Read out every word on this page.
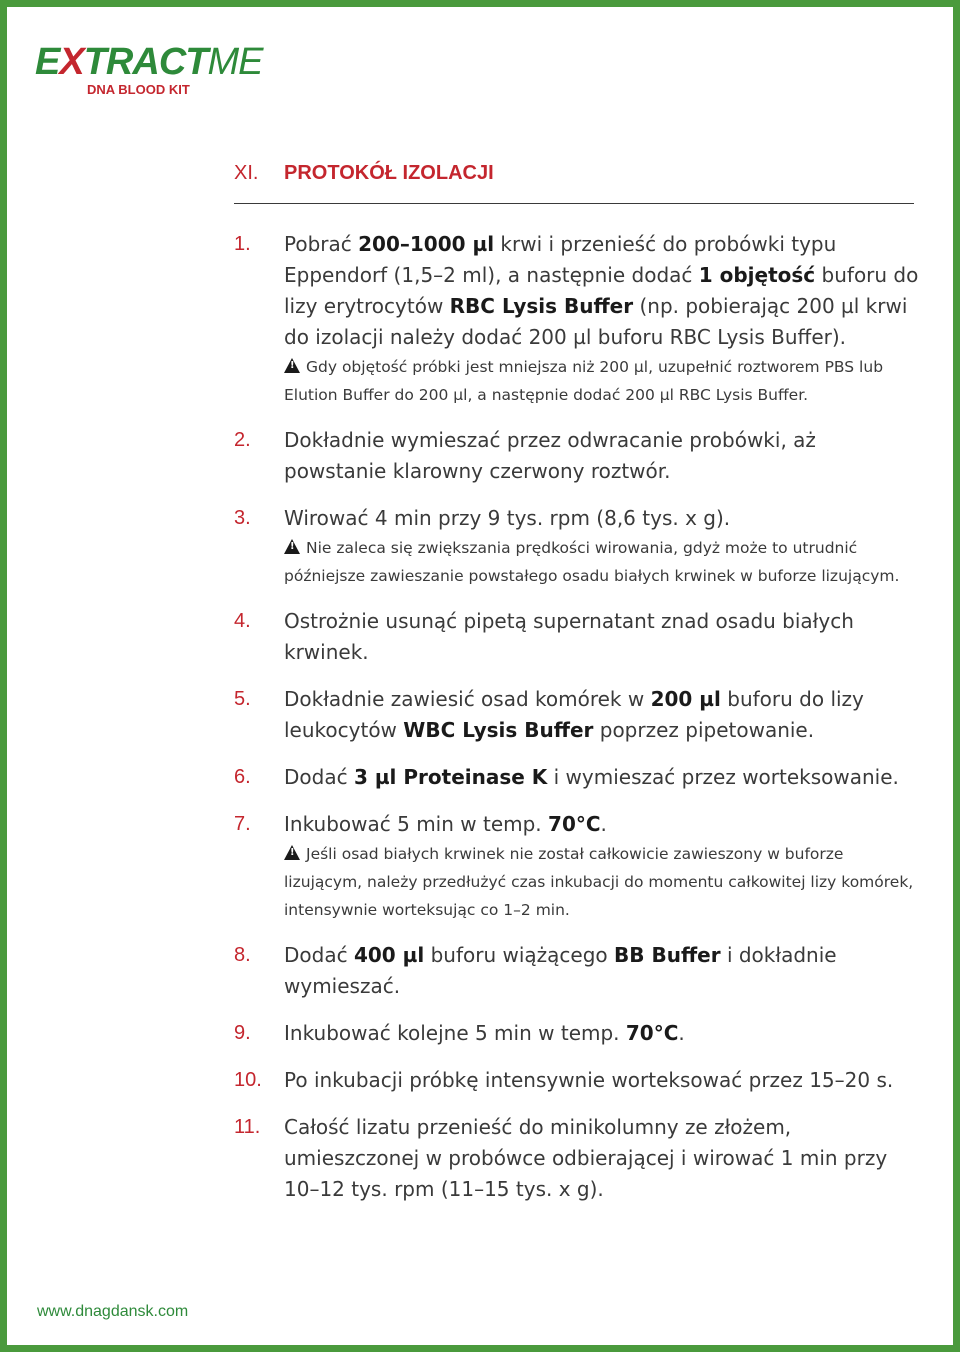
EXTRACTME
DNA BLOOD KIT
XI. PROTOKÓŁ IZOLACJI
1. Pobrać 200–1000 µl krwi i przenieść do probówki typu Eppendorf (1,5–2 ml), a następnie dodać 1 objętość buforu do lizy erytrocytów RBC Lysis Buffer (np. pobierając 200 µl krwi do izolacji należy dodać 200 µl buforu RBC Lysis Buffer).
!Gdy objętość próbki jest mniejsza niż 200 µl, uzupełnić roztworem PBS lub Elution Buffer do 200 µl, a następnie dodać 200 µl RBC Lysis Buffer.
2. Dokładnie wymieszać przez odwracanie probówki, aż powstanie klarowny czerwony roztwór.
3. Wirować 4 min przy 9 tys. rpm (8,6 tys. x g).
!Nie zaleca się zwiększania prędkości wirowania, gdyż może to utrudnić późniejsze zawieszanie powstałego osadu białych krwinek w buforze lizującym.
4. Ostrożnie usunąć pipetą supernatant znad osadu białych krwinek.
5. Dokładnie zawiesić osad komórek w 200 µl buforu do lizy leukocytów WBC Lysis Buffer poprzez pipetowanie.
6. Dodać 3 µl Proteinase K i wymieszać przez worteksowanie.
7. Inkubować 5 min w temp. 70°C.
!Jeśli osad białych krwinek nie został całkowicie zawieszony w buforze lizującym, należy przedłużyć czas inkubacji do momentu całkowitej lizy komórek, intensywnie worteksując co 1–2 min.
8. Dodać 400 µl buforu wiążącego BB Buffer i dokładnie wymieszać.
9. Inkubować kolejne 5 min w temp. 70°C.
10. Po inkubacji próbkę intensywnie worteksować przez 15–20 s.
11. Całość lizatu przenieść do minikolumny ze złożem, umieszczonej w probówce odbierającej i wirować 1 min przy 10–12 tys. rpm (11–15 tys. x g).
www.dnagdansk.com
